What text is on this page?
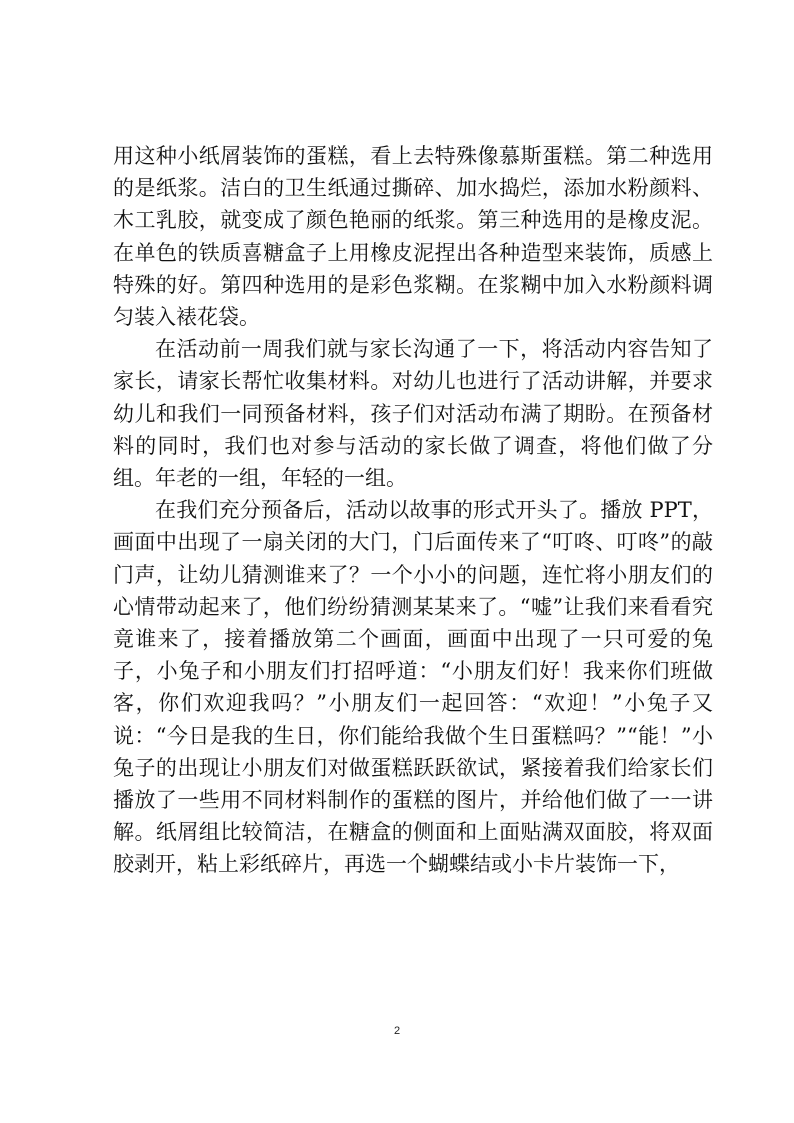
用这种小纸屑装饰的蛋糕，看上去特殊像慕斯蛋糕。第二种选用的是纸浆。洁白的卫生纸通过撕碎、加水捣烂，添加水粉颜料、木工乳胶，就变成了颜色艳丽的纸浆。第三种选用的是橡皮泥。在单色的铁质喜糖盒子上用橡皮泥捏出各种造型来装饰，质感上特殊的好。第四种选用的是彩色浆糊。在浆糊中加入水粉颜料调匀装入裱花袋。

在活动前一周我们就与家长沟通了一下，将活动内容告知了家长，请家长帮忙收集材料。对幼儿也进行了活动讲解，并要求幼儿和我们一同预备材料，孩子们对活动布满了期盼。在预备材料的同时，我们也对参与活动的家长做了调查，将他们做了分组。年老的一组，年轻的一组。

在我们充分预备后，活动以故事的形式开头了。播放 PPT，画面中出现了一扇关闭的大门，门后面传来了“叮咚、叮咚”的敲门声，让幼儿猜测谁来了？一个小小的问题，连忙将小朋友们的心情带动起来了，他们纷纷猜测某某来了。“嘘”让我们来看看究竟谁来了，接着播放第二个画面，画面中出现了一只可爱的兔子，小兔子和小朋友们打招呼道：“小朋友们好！我来你们班做客，你们欢迎我吗？”小朋友们一起回答：“欢迎！”小兔子又说：“今日是我的生日，你们能给我做个生日蛋糕吗？”“能！”小兔子的出现让小朋友们对做蛋糕跃跃欲试，紧接着我们给家长们播放了一些用不同材料制作的蛋糕的图片，并给他们做了一一讲解。纸屑组比较简洁，在糖盒的侧面和上面贴满双面胶，将双面胶剥开，粘上彩纸碎片，再选一个蝴蝶结或小卡片装饰一下，

2
